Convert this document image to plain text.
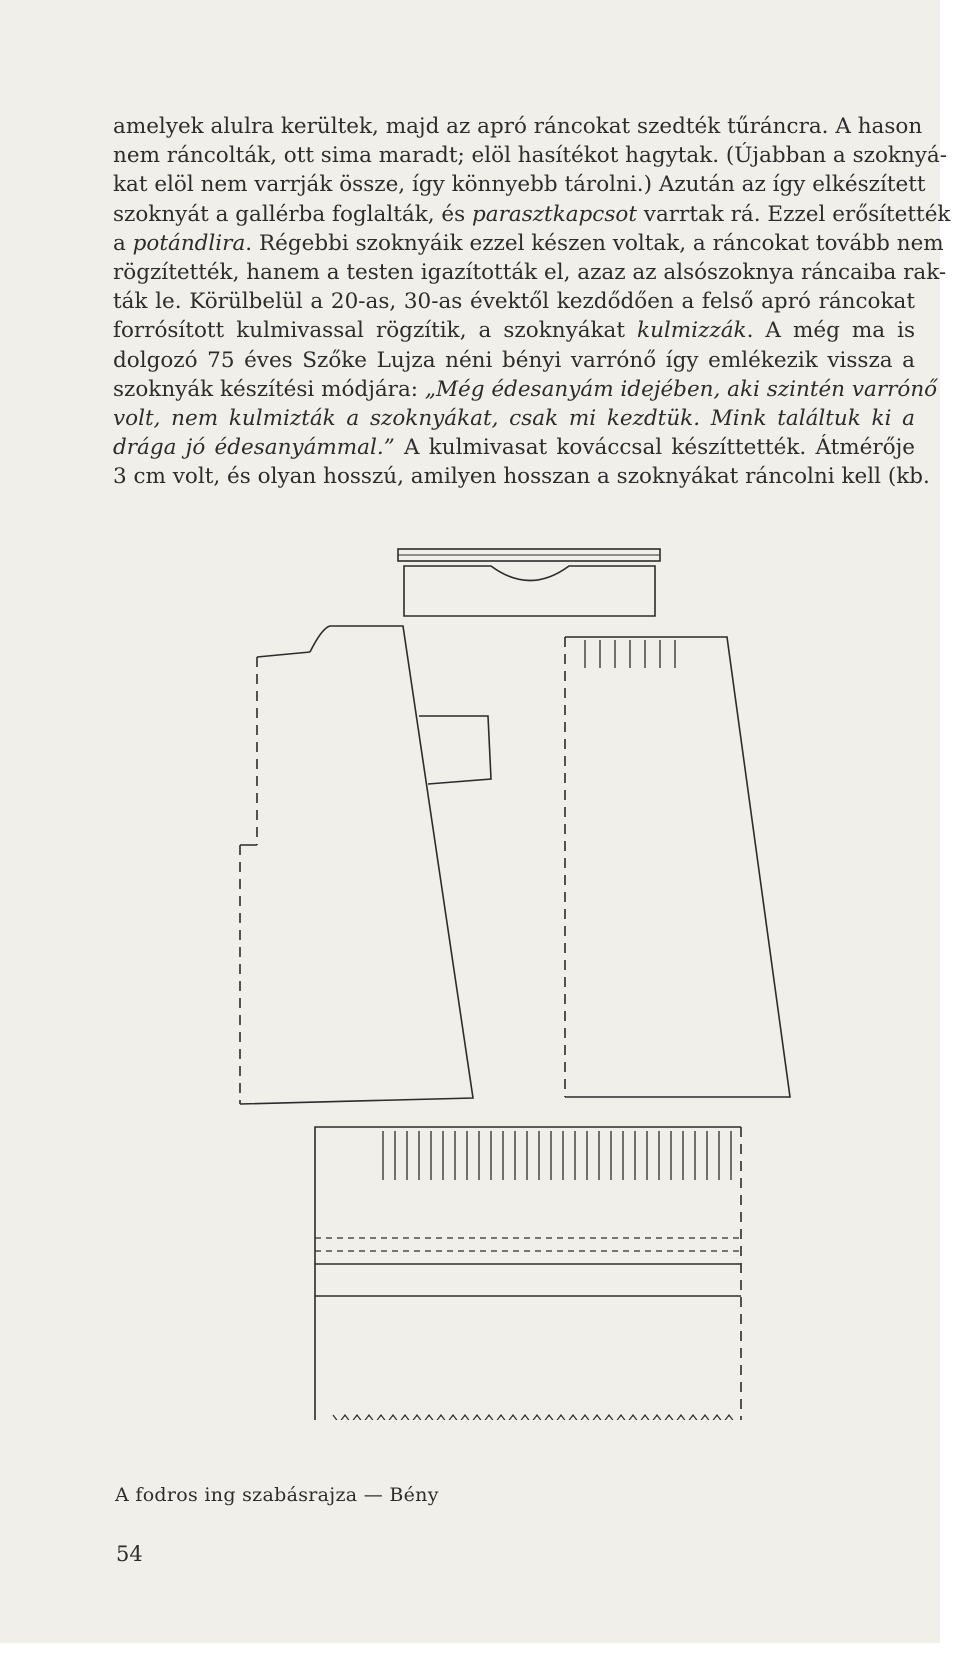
amelyek alulra kerültek, majd az apró ráncokat szedték tűráncra. A hason
nem ráncolták, ott sima maradt; elöl hasítékot hagytak. (Újabban a szoknyá-
kat elöl nem varrják össze, így könnyebb tárolni.) Azután az így elkészített
szoknyát a gallérba foglalták, és parasztkapcsot varrtak rá. Ezzel erősítették
a potándlira. Régebbi szoknyáik ezzel készen voltak, a ráncokat tovább nem
rögzítették, hanem a testen igazították el, azaz az alsószoknya ráncaiba rak-
ták le. Körülbelül a 20-as, 30-as évektől kezdődően a felső apró ráncokat
forrósított kulmivassal rögzítik, a szoknyákat kulmizzák. A még ma is
dolgozó 75 éves Szőke Lujza néni bényi varrónő így emlékezik vissza a
szoknyák készítési módjára: „Még édesanyám idejében, aki szintén varrónő
volt, nem kulmizták a szoknyákat, csak mi kezdtük. Mink találtuk ki a
drága jó édesanyámmal.” A kulmivasat kováccsal készíttették. Átmérője
3 cm volt, és olyan hosszú, amilyen hosszan a szoknyákat ráncolni kell (kb.
A fodros ing szabásrajza — Bény
54
